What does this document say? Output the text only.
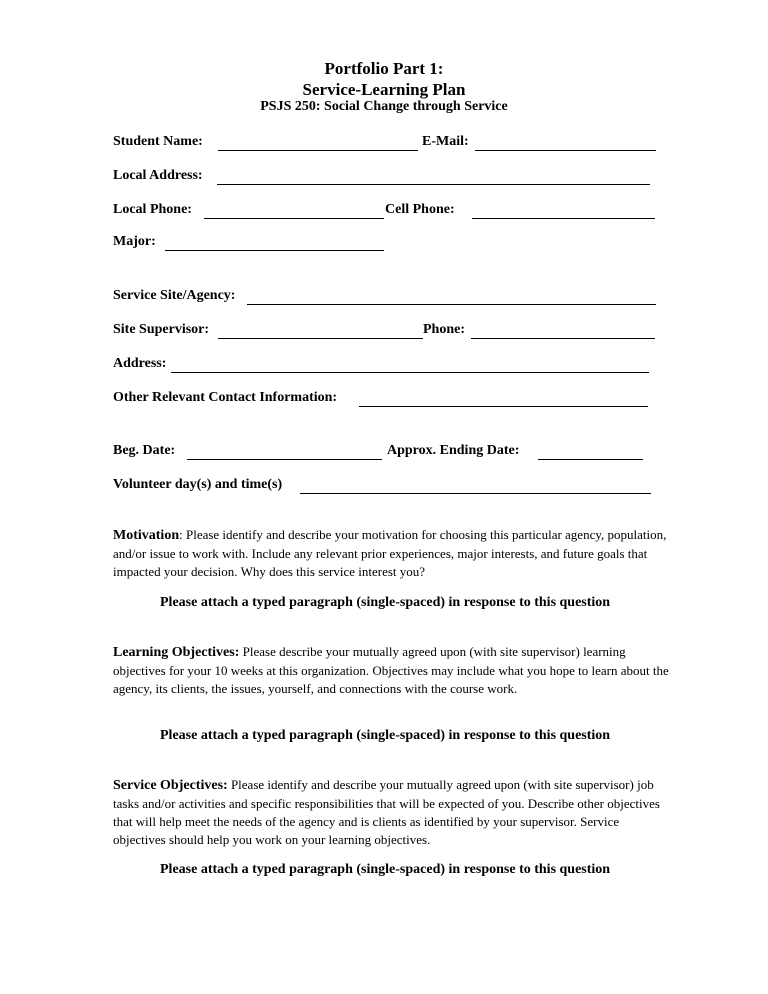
Portfolio Part 1:
Service-Learning Plan
PSJS 250: Social Change through Service
Student Name:	E-Mail:
Local Address:
Local Phone:	Cell Phone:
Major:
Service Site/Agency:
Site Supervisor:	Phone:
Address:
Other Relevant Contact Information:
Beg. Date:	Approx. Ending Date:
Volunteer day(s) and time(s)
Motivation: Please identify and describe your motivation for choosing this particular agency, population, and/or issue to work with. Include any relevant prior experiences, major interests, and future goals that impacted your decision. Why does this service interest you?
Please attach a typed paragraph (single-spaced) in response to this question
Learning Objectives: Please describe your mutually agreed upon (with site supervisor) learning objectives for your 10 weeks at this organization. Objectives may include what you hope to learn about the agency, its clients, the issues, yourself, and connections with the course work.
Please attach a typed paragraph (single-spaced) in response to this question
Service Objectives: Please identify and describe your mutually agreed upon (with site supervisor) job tasks and/or activities and specific responsibilities that will be expected of you. Describe other objectives that will help meet the needs of the agency and is clients as identified by your supervisor. Service objectives should help you work on your learning objectives.
Please attach a typed paragraph (single-spaced) in response to this question
